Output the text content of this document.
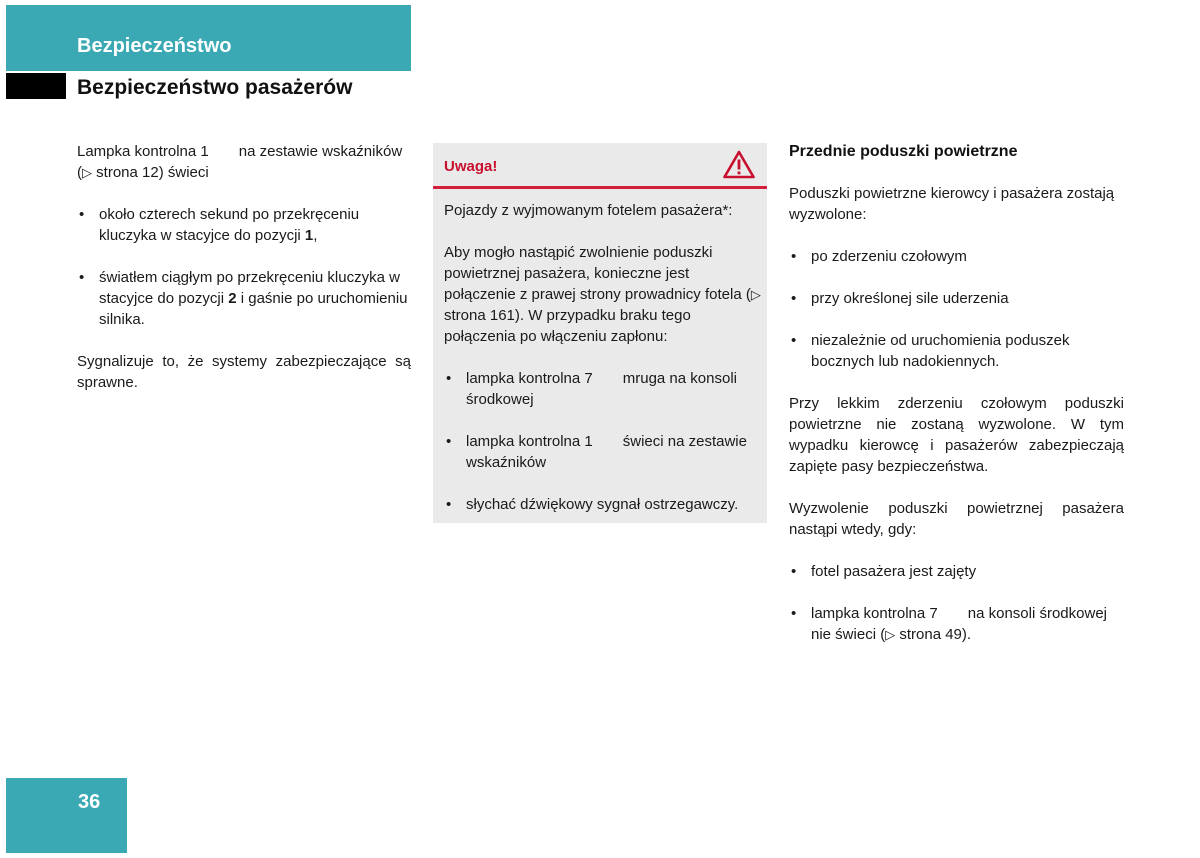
Bezpieczeństwo
Bezpieczeństwo pasażerów

Lampka kontrolna 1 na zestawie wskaźników
(▷ strona 12) świeci

• około czterech sekund po przekręceniu kluczyka w stacyjce do pozycji 1,
• światłem ciągłym po przekręceniu kluczyka w stacyjce do pozycji 2 i gaśnie po uruchomieniu silnika.

Sygnalizuje to, że systemy zabezpieczające są sprawne.

Uwaga!

Pojazdy z wyjmowanym fotelem pasażera*:

Aby mogło nastąpić zwolnienie poduszki powietrznej pasażera, konieczne jest połączenie z prawej strony prowadnicy fotela (▷ strona 161). W przypadku braku tego połączenia po włączeniu zapłonu:

• lampka kontrolna 7 mruga na konsoli środkowej
• lampka kontrolna 1 świeci na zestawie wskaźników
• słychać dźwiękowy sygnał ostrzegawczy.
Przednie poduszki powietrzne

Poduszki powietrzne kierowcy i pasażera zostają wyzwolone:

• po zderzeniu czołowym
• przy określonej sile uderzenia
• niezależnie od uruchomienia poduszek bocznych lub nadokiennych.

Przy lekkim zderzeniu czołowym poduszki powietrzne nie zostaną wyzwolone. W tym wypadku kierowcę i pasażerów zabezpieczają zapięte pasy bezpieczeństwa.

Wyzwolenie poduszki powietrznej pasażera nastąpi wtedy, gdy:

• fotel pasażera jest zajęty
• lampka kontrolna 7 na konsoli środkowej nie świeci (▷ strona 49).
36
